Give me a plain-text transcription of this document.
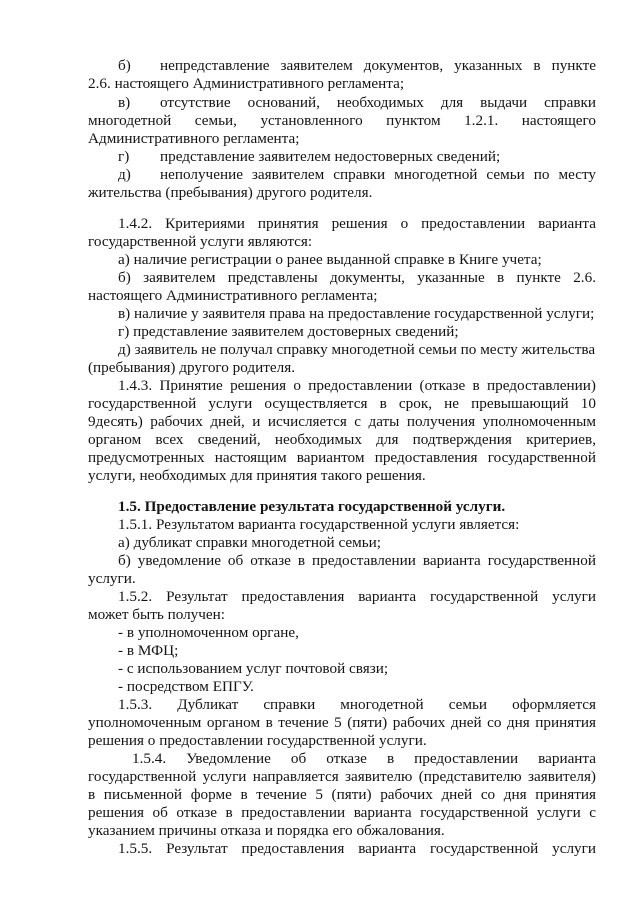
б)	непредставление заявителем документов, указанных в пункте
2.6. настоящего Административного регламента;
в)	отсутствие оснований, необходимых для выдачи справки
многодетной семьи, установленного пунктом 1.2.1. настоящего
Административного регламента;
г)	представление заявителем недостоверных сведений;
д)	неполучение заявителем справки многодетной семьи по месту
жительства (пребывания) другого родителя.
1.4.2. Критериями принятия решения о предоставлении варианта
государственной услуги являются:
а) наличие регистрации о ранее выданной справке в Книге учета;
б) заявителем представлены документы, указанные в пункте 2.6.
настоящего Административного регламента;
в) наличие у заявителя права на предоставление государственной услуги;
г) представление заявителем достоверных сведений;
д) заявитель не получал справку многодетной семьи по месту жительства
(пребывания) другого родителя.
1.4.3. Принятие решения о предоставлении (отказе в предоставлении)
государственной услуги осуществляется в срок, не превышающий 10
9десять) рабочих дней, и исчисляется с даты получения уполномоченным
органом всех сведений, необходимых для подтверждения критериев,
предусмотренных настоящим вариантом предоставления государственной
услуги, необходимых для принятия такого решения.
1.5. Предоставление результата государственной услуги.
1.5.1. Результатом варианта государственной услуги является:
а) дубликат справки многодетной семьи;
б) уведомление об отказе в предоставлении варианта государственной
услуги.
1.5.2. Результат предоставления варианта государственной услуги
может быть получен:
- в уполномоченном органе,
- в МФЦ;
- с использованием услуг почтовой связи;
- посредством ЕПГУ.
1.5.3. Дубликат справки многодетной семьи оформляется
уполномоченным органом в течение 5 (пяти) рабочих дней со дня принятия
решения о предоставлении государственной услуги.
1.5.4. Уведомление об отказе в предоставлении варианта
государственной услуги направляется заявителю (представителю заявителя)
в письменной форме в течение 5 (пяти) рабочих дней со дня принятия
решения об отказе в предоставлении варианта государственной услуги с
указанием причины отказа и порядка его обжалования.
1.5.5. Результат предоставления варианта государственной услуги
